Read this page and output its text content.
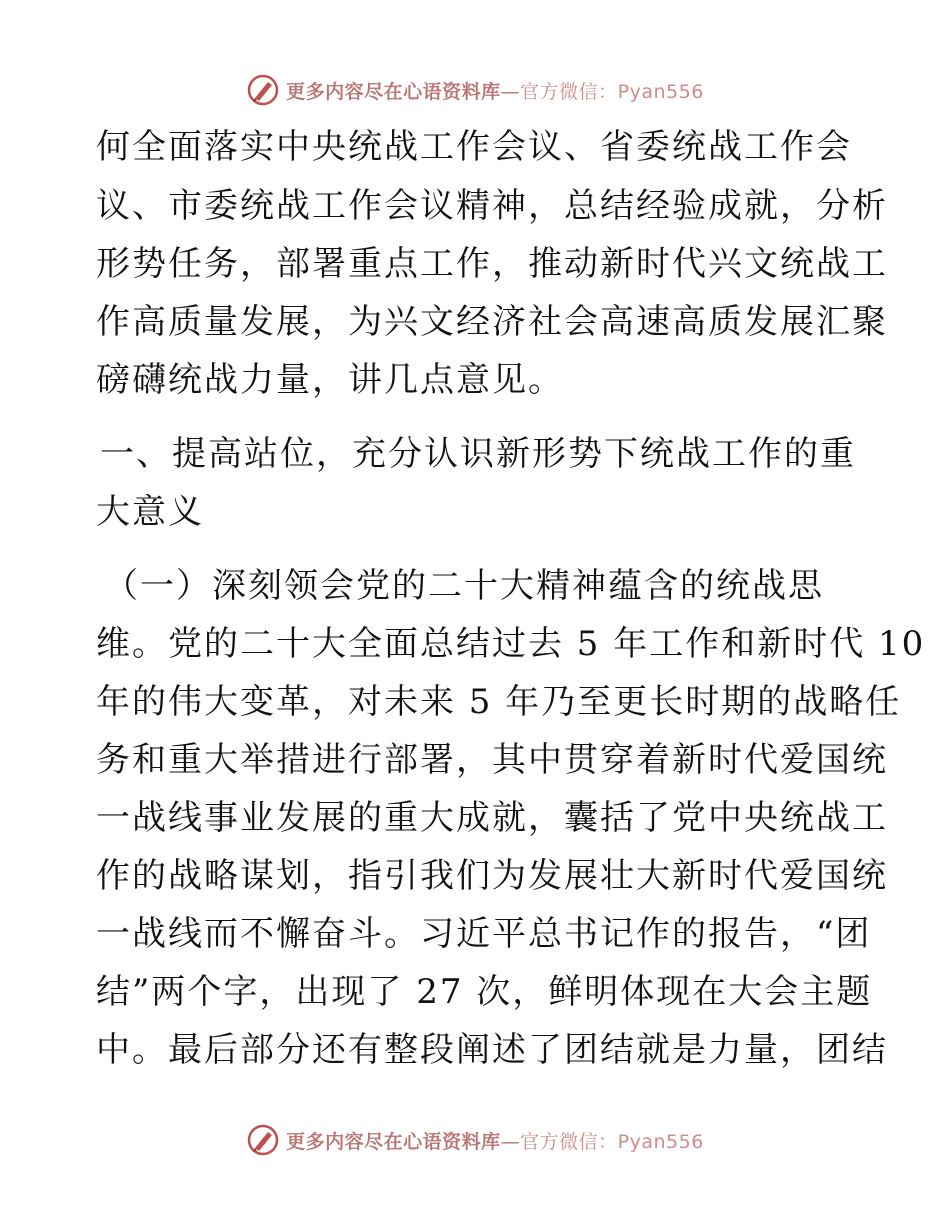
更多内容尽在心语资料库—官方微信：Pyan556
何全面落实中央统战工作会议、省委统战工作会
议、市委统战工作会议精神，总结经验成就，分析
形势任务，部署重点工作，推动新时代兴文统战工
作高质量发展，为兴文经济社会高速高质发展汇聚
磅礴统战力量，讲几点意见。
一、提高站位，充分认识新形势下统战工作的重
大意义
（一）深刻领会党的二十大精神蕴含的统战思
维。党的二十大全面总结过去 5 年工作和新时代 10
年的伟大变革，对未来 5 年乃至更长时期的战略任
务和重大举措进行部署，其中贯穿着新时代爱国统
一战线事业发展的重大成就，囊括了党中央统战工
作的战略谋划，指引我们为发展壮大新时代爱国统
一战线而不懈奋斗。习近平总书记作的报告，“团
结”两个字，出现了 27 次，鲜明体现在大会主题
中。最后部分还有整段阐述了团结就是力量，团结
更多内容尽在心语资料库—官方微信：Pyan556
